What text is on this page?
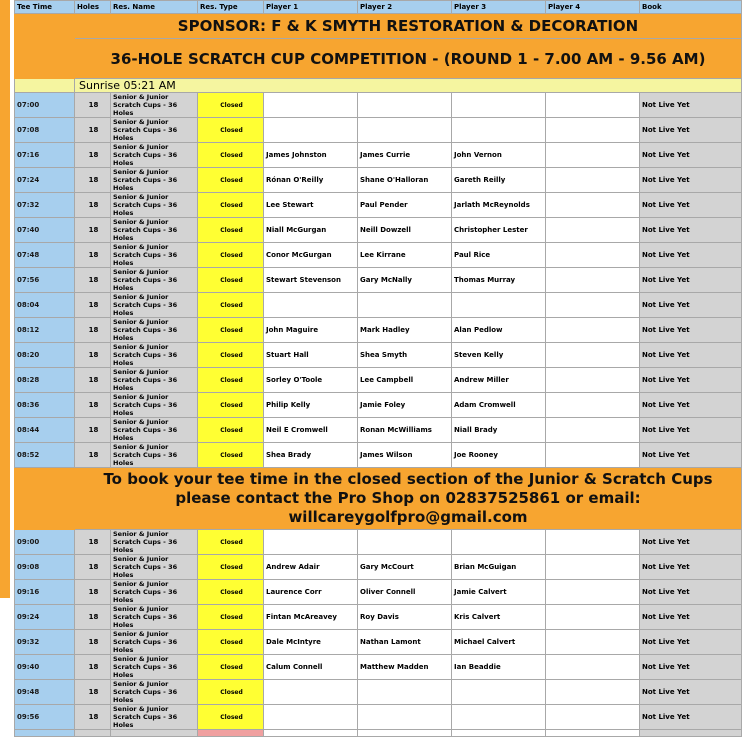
Tee Time	Holes	Res. Name	Res. Type	Player 1	Player 2	Player 3	Player 4	Book
	SPONSOR: F & K SMYTH RESTORATION & DECORATION							
	36-HOLE SCRATCH CUP COMPETITION - (ROUND 1 - 7.00 AM - 9.56 AM)							
	Sunrise 05:21 AM							
07:00	18	Senior & Junior Scratch Cups - 36 Holes	Closed					Not Live Yet
07:08	18	Senior & Junior Scratch Cups - 36 Holes	Closed					Not Live Yet
07:16	18	Senior & Junior Scratch Cups - 36 Holes	Closed	James Johnston	James Currie	John Vernon		Not Live Yet
07:24	18	Senior & Junior Scratch Cups - 36 Holes	Closed	Rónan O'Reilly	Shane O'Halloran	Gareth Reilly		Not Live Yet
07:32	18	Senior & Junior Scratch Cups - 36 Holes	Closed	Lee Stewart	Paul Pender	Jarlath McReynolds		Not Live Yet
07:40	18	Senior & Junior Scratch Cups - 36 Holes	Closed	Niall McGurgan	Neill Dowzell	Christopher Lester		Not Live Yet
07:48	18	Senior & Junior Scratch Cups - 36 Holes	Closed	Conor McGurgan	Lee Kirrane	Paul Rice		Not Live Yet
07:56	18	Senior & Junior Scratch Cups - 36 Holes	Closed	Stewart Stevenson	Gary McNally	Thomas Murray		Not Live Yet
08:04	18	Senior & Junior Scratch Cups - 36 Holes	Closed					Not Live Yet
08:12	18	Senior & Junior Scratch Cups - 36 Holes	Closed	John Maguire	Mark Hadley	Alan Pedlow		Not Live Yet
08:20	18	Senior & Junior Scratch Cups - 36 Holes	Closed	Stuart Hall	Shea Smyth	Steven Kelly		Not Live Yet
08:28	18	Senior & Junior Scratch Cups - 36 Holes	Closed	Sorley O'Toole	Lee Campbell	Andrew Miller		Not Live Yet
08:36	18	Senior & Junior Scratch Cups - 36 Holes	Closed	Philip Kelly	Jamie Foley	Adam Cromwell		Not Live Yet
08:44	18	Senior & Junior Scratch Cups - 36 Holes	Closed	Neil E Cromwell	Ronan McWilliams	Niall Brady		Not Live Yet
08:52	18	Senior & Junior Scratch Cups - 36 Holes	Closed	Shea Brady	James Wilson	Joe Rooney		Not Live Yet

	To book your tee time in the closed section of the Junior & Scratch Cups
please contact the Pro Shop on 02837525861 or email:
willcareygolfpro@gmail.com							

09:00	18	Senior & Junior Scratch Cups - 36 Holes	Closed					Not Live Yet
09:08	18	Senior & Junior Scratch Cups - 36 Holes	Closed	Andrew Adair	Gary McCourt	Brian McGuigan		Not Live Yet
09:16	18	Senior & Junior Scratch Cups - 36 Holes	Closed	Laurence Corr	Oliver Connell	Jamie Calvert		Not Live Yet
09:24	18	Senior & Junior Scratch Cups - 36 Holes	Closed	Fintan McAreavey	Roy Davis	Kris Calvert		Not Live Yet
09:32	18	Senior & Junior Scratch Cups - 36 Holes	Closed	Dale McIntyre	Nathan Lamont	Michael Calvert		Not Live Yet
09:40	18	Senior & Junior Scratch Cups - 36 Holes	Closed	Calum Connell	Matthew Madden	Ian Beaddie		Not Live Yet
09:48	18	Senior & Junior Scratch Cups - 36 Holes	Closed					Not Live Yet
09:56	18	Senior & Junior Scratch Cups - 36 Holes	Closed					Not Live Yet
